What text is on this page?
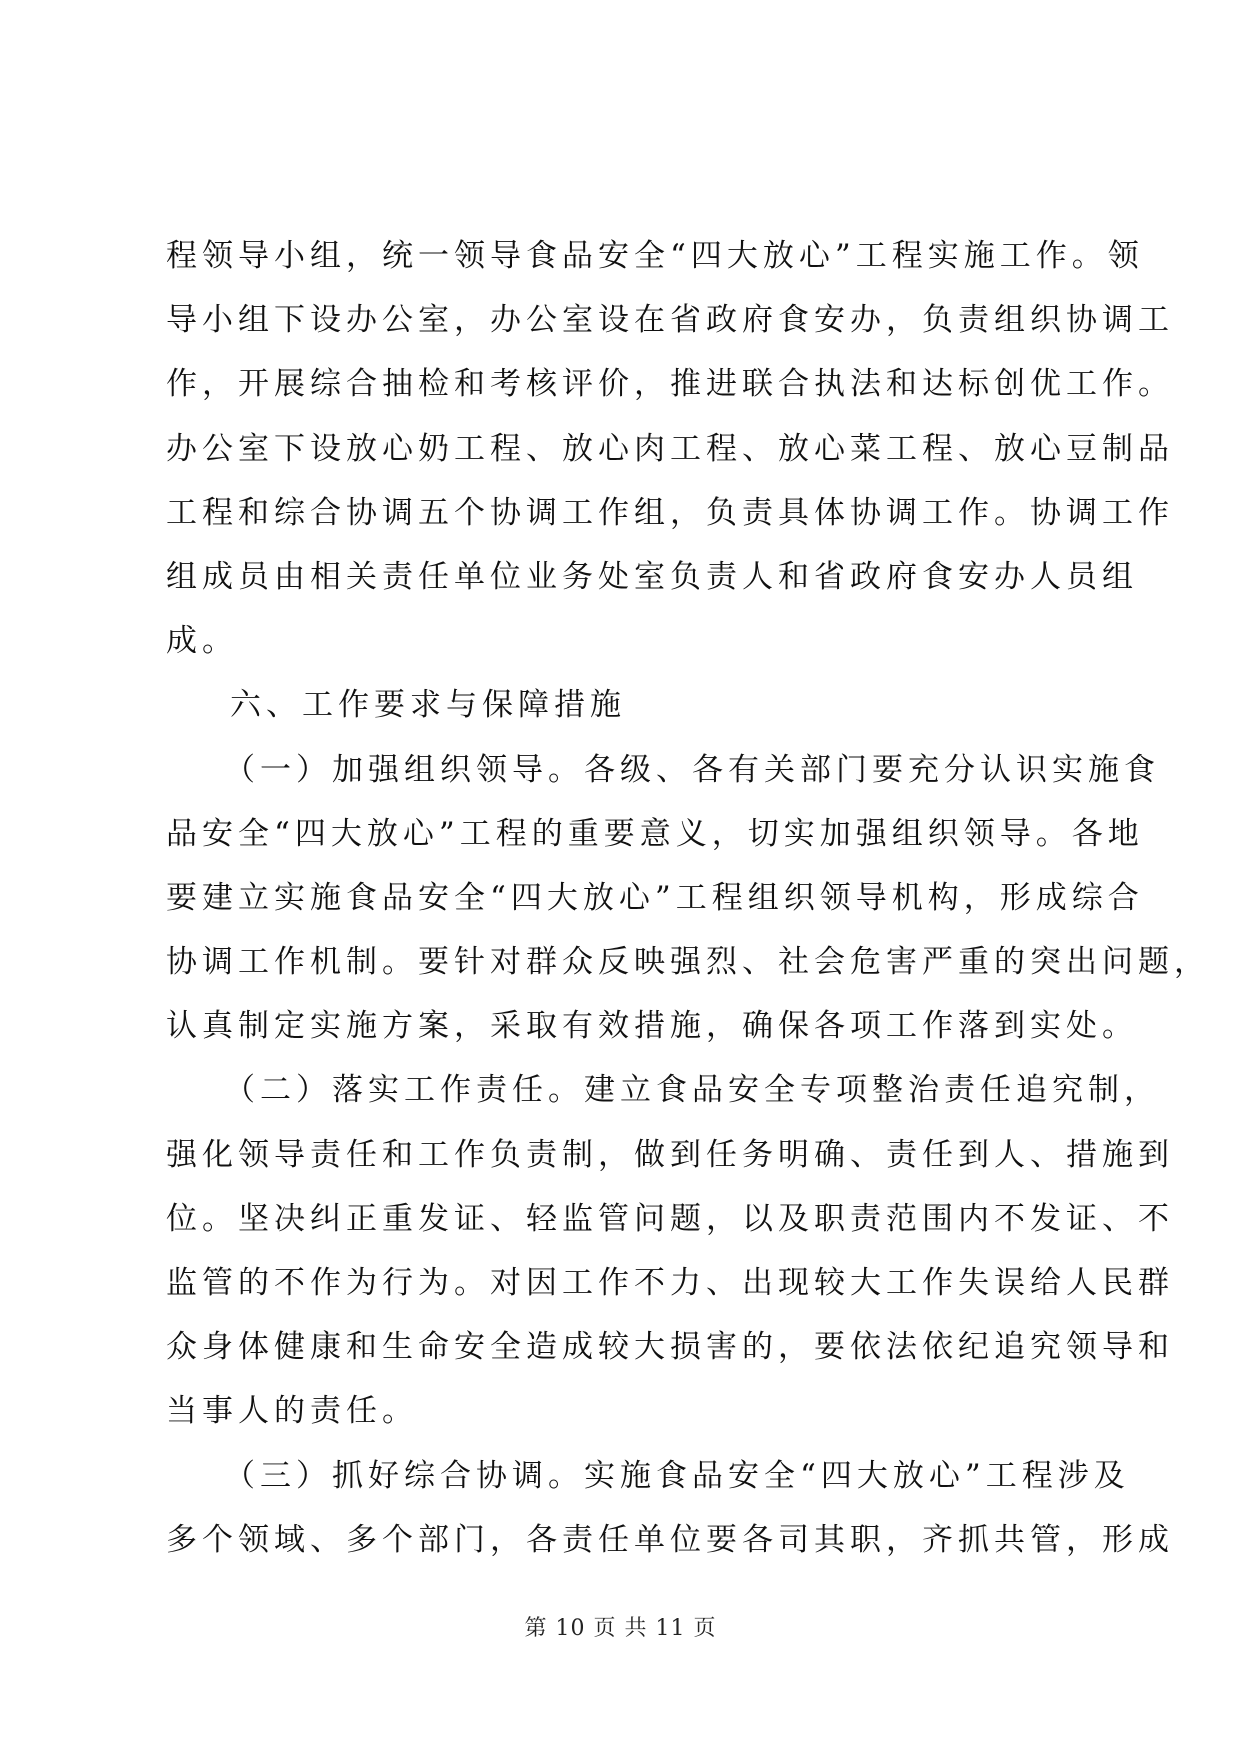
程领导小组，统一领导食品安全“四大放心”工程实施工作。领
导小组下设办公室，办公室设在省政府食安办，负责组织协调工
作，开展综合抽检和考核评价，推进联合执法和达标创优工作。
办公室下设放心奶工程、放心肉工程、放心菜工程、放心豆制品
工程和综合协调五个协调工作组，负责具体协调工作。协调工作
组成员由相关责任单位业务处室负责人和省政府食安办人员组
成。
六、工作要求与保障措施
（一）加强组织领导。各级、各有关部门要充分认识实施食
品安全“四大放心”工程的重要意义，切实加强组织领导。各地
要建立实施食品安全“四大放心”工程组织领导机构，形成综合
协调工作机制。要针对群众反映强烈、社会危害严重的突出问题，
认真制定实施方案，采取有效措施，确保各项工作落到实处。
（二）落实工作责任。建立食品安全专项整治责任追究制，
强化领导责任和工作负责制，做到任务明确、责任到人、措施到
位。坚决纠正重发证、轻监管问题，以及职责范围内不发证、不
监管的不作为行为。对因工作不力、出现较大工作失误给人民群
众身体健康和生命安全造成较大损害的，要依法依纪追究领导和
当事人的责任。
（三）抓好综合协调。实施食品安全“四大放心”工程涉及
多个领域、多个部门，各责任单位要各司其职，齐抓共管，形成
第 10 页 共 11 页
